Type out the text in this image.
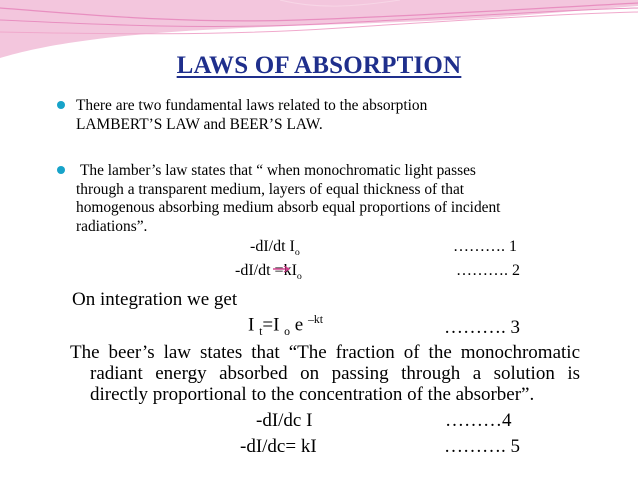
LAWS OF ABSORPTION
There are two fundamental laws related to the absorption
LAMBERT’S LAW and BEER’S LAW.
The lamber’s law states that “ when monochromatic light passes
through a transparent medium, layers of equal thickness of that
homogenous absorbing medium absorb equal proportions of incident
radiations”.
-dI/dt $I_o$	………. 1
$-dI/dt =kI_o$	………. 2
On integration we get
I $_t$=I $_o$ e $^{-kt}$	………. 3
The beer’s law states that “The fraction of the monochromatic
radiant energy absorbed on passing through a solution is
directly proportional to the concentration of the absorber”.
-dI/dc I	………4
-dI/dc= kI	………. 5
